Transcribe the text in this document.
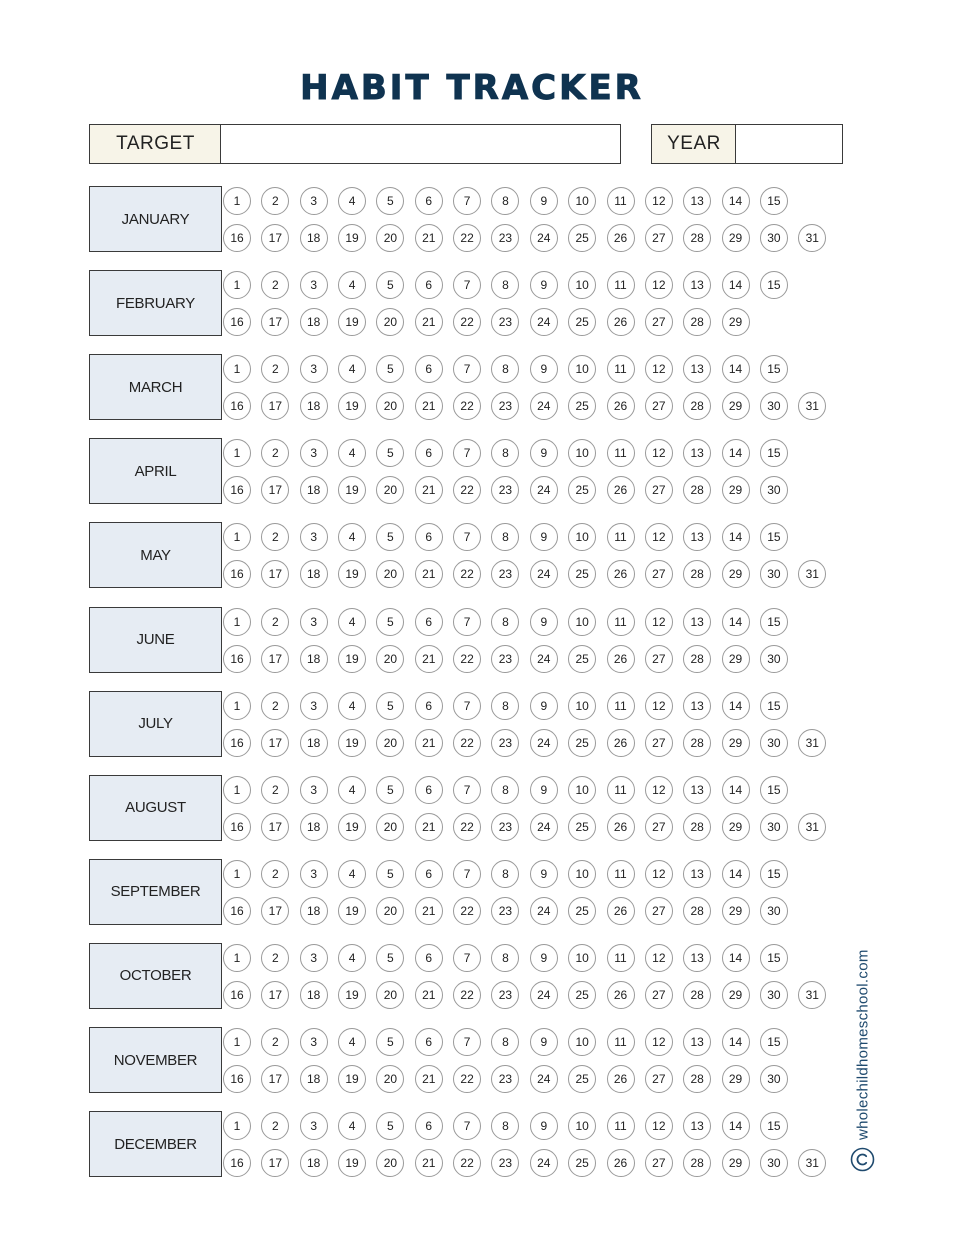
HABIT TRACKER
TARGET	YEAR
JANUARY
1	2	3	4	5	6	7	8	9	10	11	12	13	14	15
16	17	18	19	20	21	22	23	24	25	26	27	28	29	30	31
FEBRUARY
1	2	3	4	5	6	7	8	9	10	11	12	13	14	15
16	17	18	19	20	21	22	23	24	25	26	27	28	29
MARCH
1	2	3	4	5	6	7	8	9	10	11	12	13	14	15
16	17	18	19	20	21	22	23	24	25	26	27	28	29	30	31
APRIL
1	2	3	4	5	6	7	8	9	10	11	12	13	14	15
16	17	18	19	20	21	22	23	24	25	26	27	28	29	30
MAY
1	2	3	4	5	6	7	8	9	10	11	12	13	14	15
16	17	18	19	20	21	22	23	24	25	26	27	28	29	30	31
JUNE
1	2	3	4	5	6	7	8	9	10	11	12	13	14	15
16	17	18	19	20	21	22	23	24	25	26	27	28	29	30
JULY
1	2	3	4	5	6	7	8	9	10	11	12	13	14	15
16	17	18	19	20	21	22	23	24	25	26	27	28	29	30	31
AUGUST
1	2	3	4	5	6	7	8	9	10	11	12	13	14	15
16	17	18	19	20	21	22	23	24	25	26	27	28	29	30	31
SEPTEMBER
1	2	3	4	5	6	7	8	9	10	11	12	13	14	15
16	17	18	19	20	21	22	23	24	25	26	27	28	29	30
OCTOBER
1	2	3	4	5	6	7	8	9	10	11	12	13	14	15
16	17	18	19	20	21	22	23	24	25	26	27	28	29	30	31
NOVEMBER
1	2	3	4	5	6	7	8	9	10	11	12	13	14	15
16	17	18	19	20	21	22	23	24	25	26	27	28	29	30
DECEMBER
1	2	3	4	5	6	7	8	9	10	11	12	13	14	15
16	17	18	19	20	21	22	23	24	25	26	27	28	29	30	31
wholechildhomeschool.com
